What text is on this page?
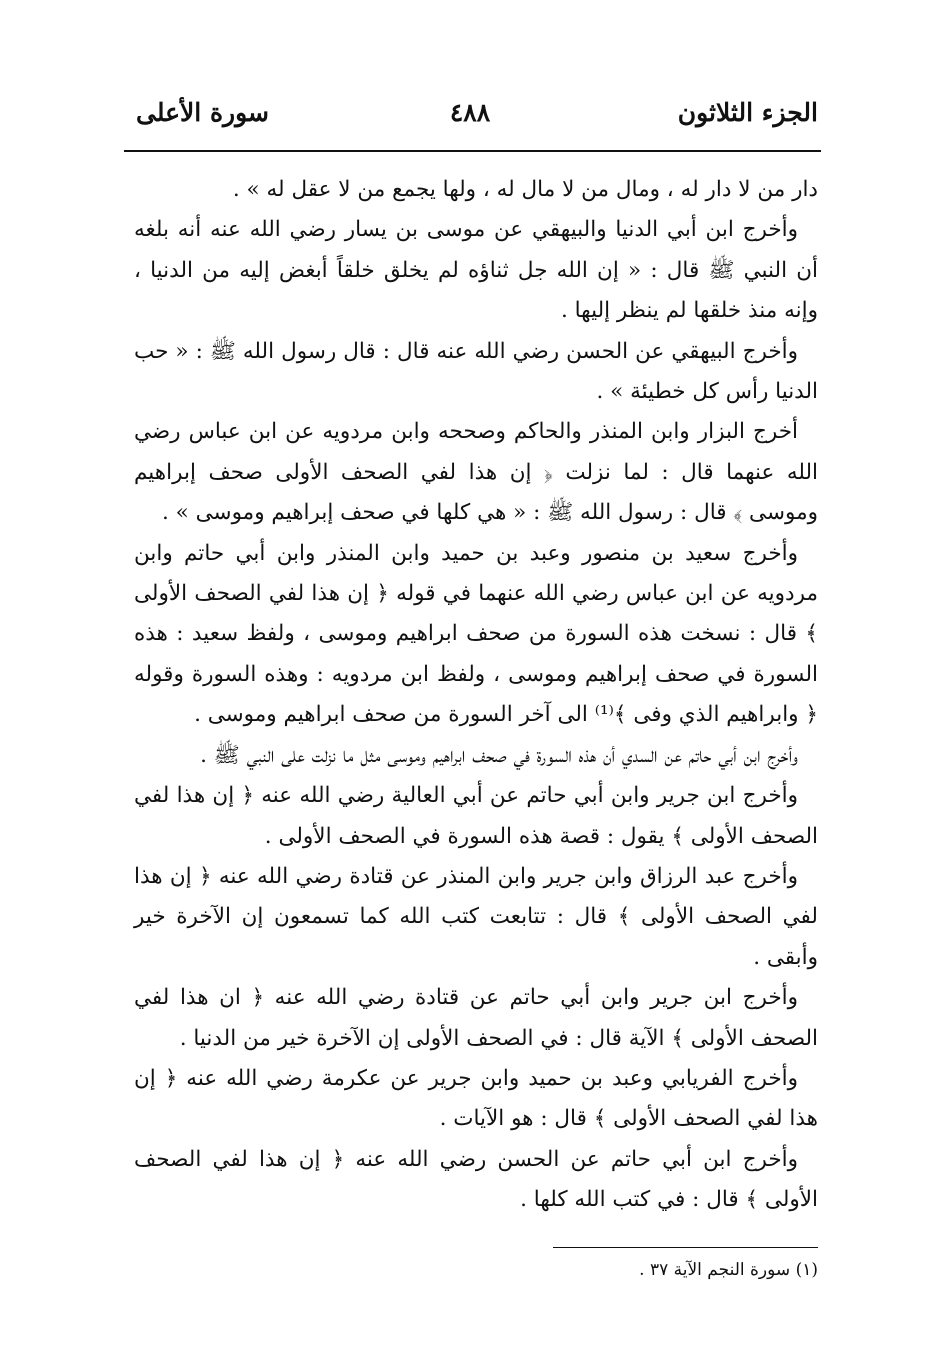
الجزء الثلاثون
٤٨٨
سورة الأعلى

دار من لا دار له ، ومال من لا مال له ، ولها يجمع من لا عقل له » .

وأخرج ابن أبي الدنيا والبيهقي عن موسى بن يسار رضي الله عنه أنه بلغه أن النبي ﷺ قال : « إن الله جل ثناؤه لم يخلق خلقاً أبغض إليه من الدنيا ، وإنه منذ خلقها لم ينظر إليها .

وأخرج البيهقي عن الحسن رضي الله عنه قال : قال رسول الله ﷺ : « حب الدنيا رأس كل خطيئة » .

أخرج البزار وابن المنذر والحاكم وصححه وابن مردويه عن ابن عباس رضي الله عنهما قال : لما نزلت ﴿ إن هذا لفي الصحف الأولى صحف إبراهيم وموسى ﴾ قال : رسول الله ﷺ : « هي كلها في صحف إبراهيم وموسى » .

وأخرج سعيد بن منصور وعبد بن حميد وابن المنذر وابن أبي حاتم وابن مردويه عن ابن عباس رضي الله عنهما في قوله ﴿ إن هذا لفي الصحف الأولى ﴾ قال : نسخت هذه السورة من صحف ابراهيم وموسى ، ولفظ سعيد : هذه السورة في صحف إبراهيم وموسى ، ولفظ ابن مردويه : وهذه السورة وقوله ﴿ وابراهيم الذي وفى ﴾⁽¹⁾ الى آخر السورة من صحف ابراهيم وموسى .

وأخرج ابن أبي حاتم عن السدي أن هذه السورة في صحف ابراهيم وموسى مثل ما نزلت على النبي ﷺ .

وأخرج ابن جرير وابن أبي حاتم عن أبي العالية رضي الله عنه ﴿ إن هذا لفي الصحف الأولى ﴾ يقول : قصة هذه السورة في الصحف الأولى .

وأخرج عبد الرزاق وابن جرير وابن المنذر عن قتادة رضي الله عنه ﴿ إن هذا لفي الصحف الأولى ﴾ قال : تتابعت كتب الله كما تسمعون إن الآخرة خير وأبقى .

وأخرج ابن جرير وابن أبي حاتم عن قتادة رضي الله عنه ﴿ ان هذا لفي الصحف الأولى ﴾ الآية قال : في الصحف الأولى إن الآخرة خير من الدنيا .

وأخرج الفريابي وعبد بن حميد وابن جرير عن عكرمة رضي الله عنه ﴿ إن هذا لفي الصحف الأولى ﴾ قال : هو الآيات .

وأخرج ابن أبي حاتم عن الحسن رضي الله عنه ﴿ إن هذا لفي الصحف الأولى ﴾ قال : في كتب الله كلها .

(١) سورة النجم الآية ٣٧ .
